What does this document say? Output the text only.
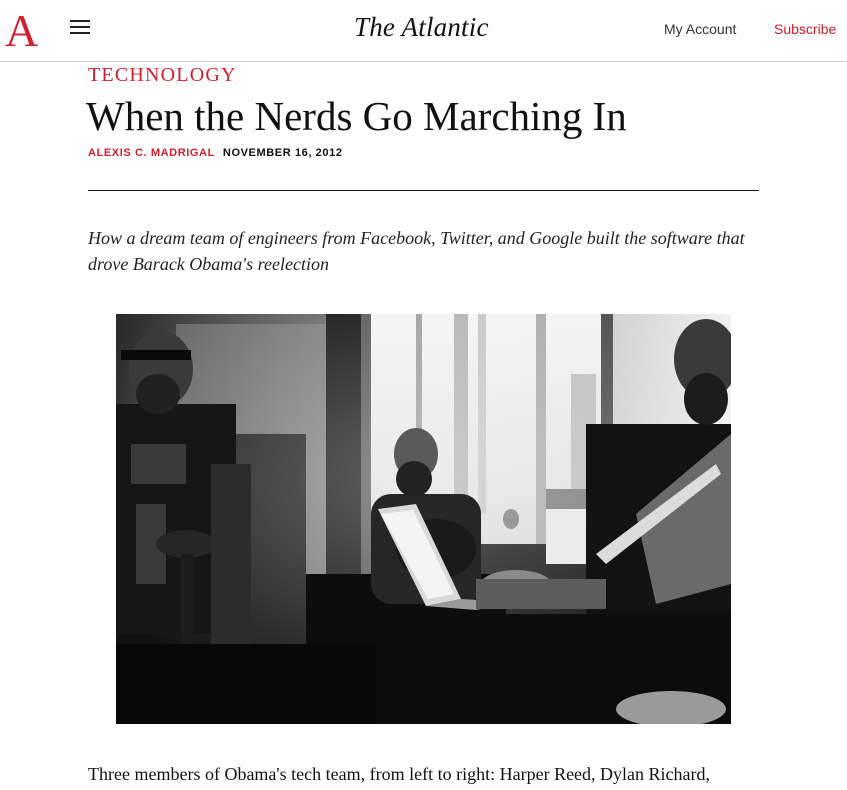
A	The Atlantic	My Account	Subscribe
TECHNOLOGY
When the Nerds Go Marching In
ALEXIS C. MADRIGAL NOVEMBER 16, 2012

How a dream team of engineers from Facebook, Twitter, and Google built the software that drove Barack Obama's reelection

Three members of Obama's tech team, from left to right: Harper Reed, Dylan Richard,
